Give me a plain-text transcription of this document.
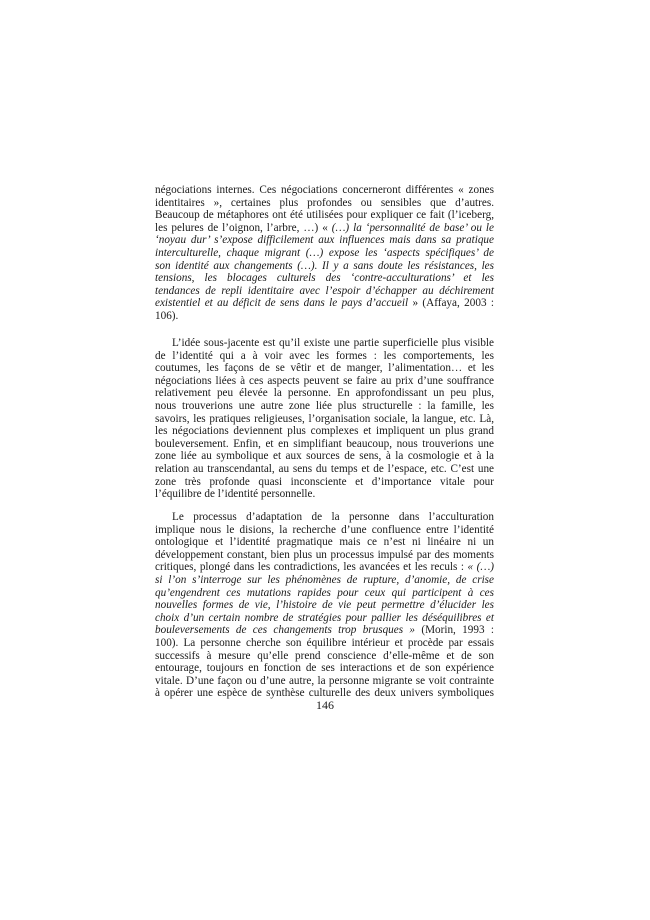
négociations internes. Ces négociations concerneront différentes « zones
identitaires », certaines plus profondes ou sensibles que d’autres.
Beaucoup de métaphores ont été utilisées pour expliquer ce fait (l’iceberg,
les pelures de l’oignon, l’arbre, …) « (…) la ‘personnalité de base’ ou le
‘noyau dur’ s’expose difficilement aux influences mais dans sa pratique
interculturelle, chaque migrant (…) expose les ‘aspects spécifiques’ de
son identité aux changements (…). Il y a sans doute les résistances, les
tensions, les blocages culturels des ‘contre-acculturations’ et les
tendances de repli identitaire avec l’espoir d’échapper au déchirement
existentiel et au déficit de sens dans le pays d’accueil » (Affaya, 2003 :
106).
L’idée sous-jacente est qu’il existe une partie superficielle plus visible
de l’identité qui a à voir avec les formes : les comportements, les
coutumes, les façons de se vêtir et de manger, l’alimentation… et les
négociations liées à ces aspects peuvent se faire au prix d’une souffrance
relativement peu élevée la personne. En approfondissant un peu plus,
nous trouverions une autre zone liée plus structurelle : la famille, les
savoirs, les pratiques religieuses, l’organisation sociale, la langue, etc. Là,
les négociations deviennent plus complexes et impliquent un plus grand
bouleversement. Enfin, et en simplifiant beaucoup, nous trouverions une
zone liée au symbolique et aux sources de sens, à la cosmologie et à la
relation au transcendantal, au sens du temps et de l’espace, etc. C’est une
zone très profonde quasi inconsciente et d’importance vitale pour
l’équilibre de l’identité personnelle.
Le processus d’adaptation de la personne dans l’acculturation
implique nous le disions, la recherche d’une confluence entre l’identité
ontologique et l’identité pragmatique mais ce n’est ni linéaire ni un
développement constant, bien plus un processus impulsé par des moments
critiques, plongé dans les contradictions, les avancées et les reculs : « (…)
si l’on s’interroge sur les phénomènes de rupture, d’anomie, de crise
qu’engendrent ces mutations rapides pour ceux qui participent à ces
nouvelles formes de vie, l’histoire de vie peut permettre d’élucider les
choix d’un certain nombre de stratégies pour pallier les déséquilibres et
bouleversements de ces changements trop brusques » (Morin, 1993 :
100). La personne cherche son équilibre intérieur et procède par essais
successifs à mesure qu’elle prend conscience d’elle-même et de son
entourage, toujours en fonction de ses interactions et de son expérience
vitale. D’une façon ou d’une autre, la personne migrante se voit contrainte
à opérer une espèce de synthèse culturelle des deux univers symboliques
146
